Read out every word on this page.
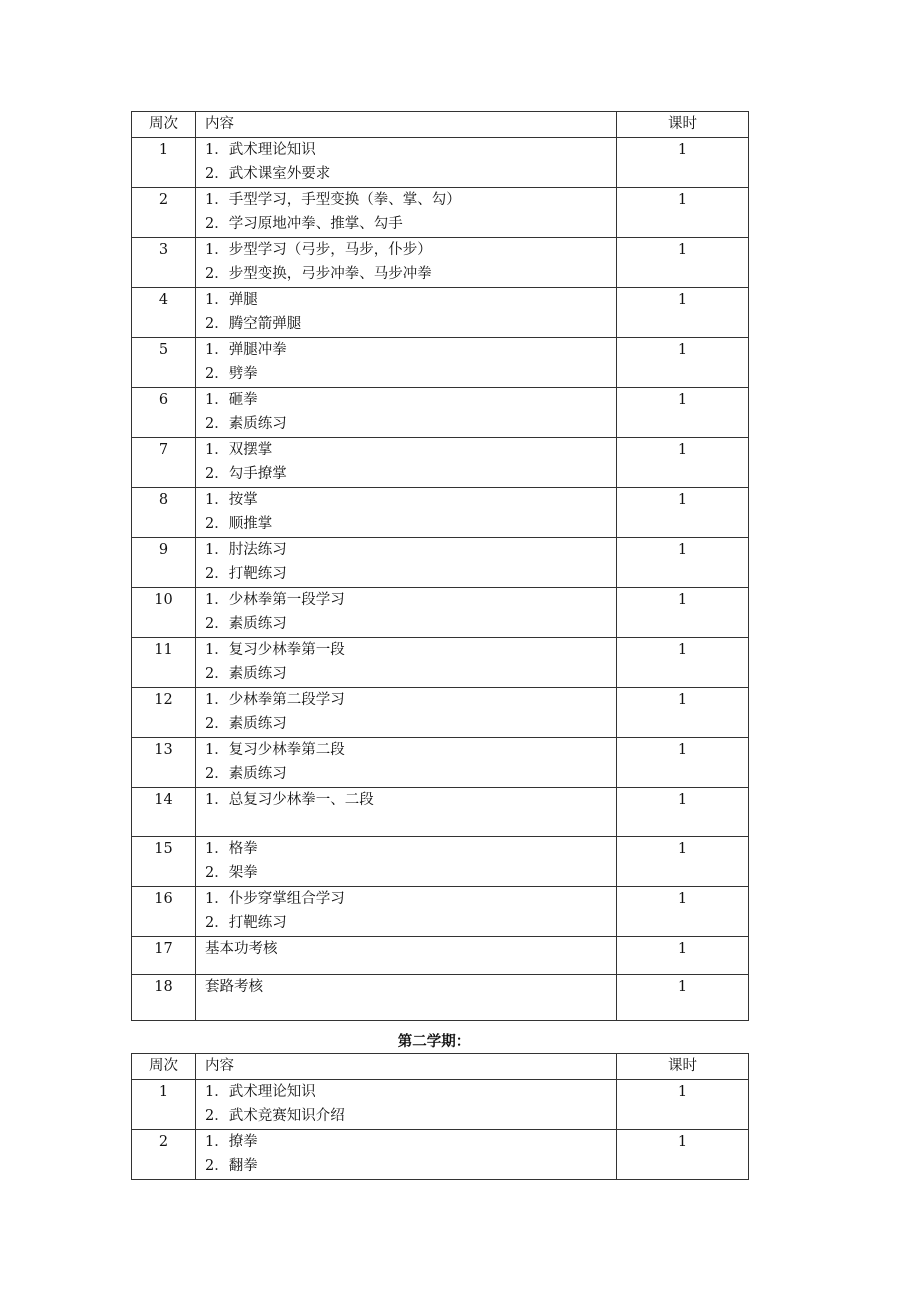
周次	内容	课时
1	1．武术理论知识
2．武术课室外要求	1
2	1．手型学习，手型变换（拳、掌、勾）
2．学习原地冲拳、推掌、勾手	1
3	1．步型学习（弓步，马步，仆步）
2．步型变换，弓步冲拳、马步冲拳	1
4	1．弹腿
2．腾空箭弹腿	1
5	1．弹腿冲拳
2．劈拳	1
6	1．砸拳
2．素质练习	1
7	1．双摆掌
2．勾手撩掌	1
8	1．按掌
2．顺推掌	1
9	1．肘法练习
2．打靶练习	1
10	1．少林拳第一段学习
2．素质练习	1
11	1．复习少林拳第一段
2．素质练习	1
12	1．少林拳第二段学习
2．素质练习	1
13	1．复习少林拳第二段
2．素质练习	1
14	1．总复习少林拳一、二段	1
15	1．格拳
2．架拳	1
16	1．仆步穿掌组合学习
2．打靶练习	1
17	基本功考核	1
18	套路考核	1
第二学期：
周次	内容	课时
1	1．武术理论知识
2．武术竞赛知识介绍	1
2	1．撩拳
2．翻拳	1
